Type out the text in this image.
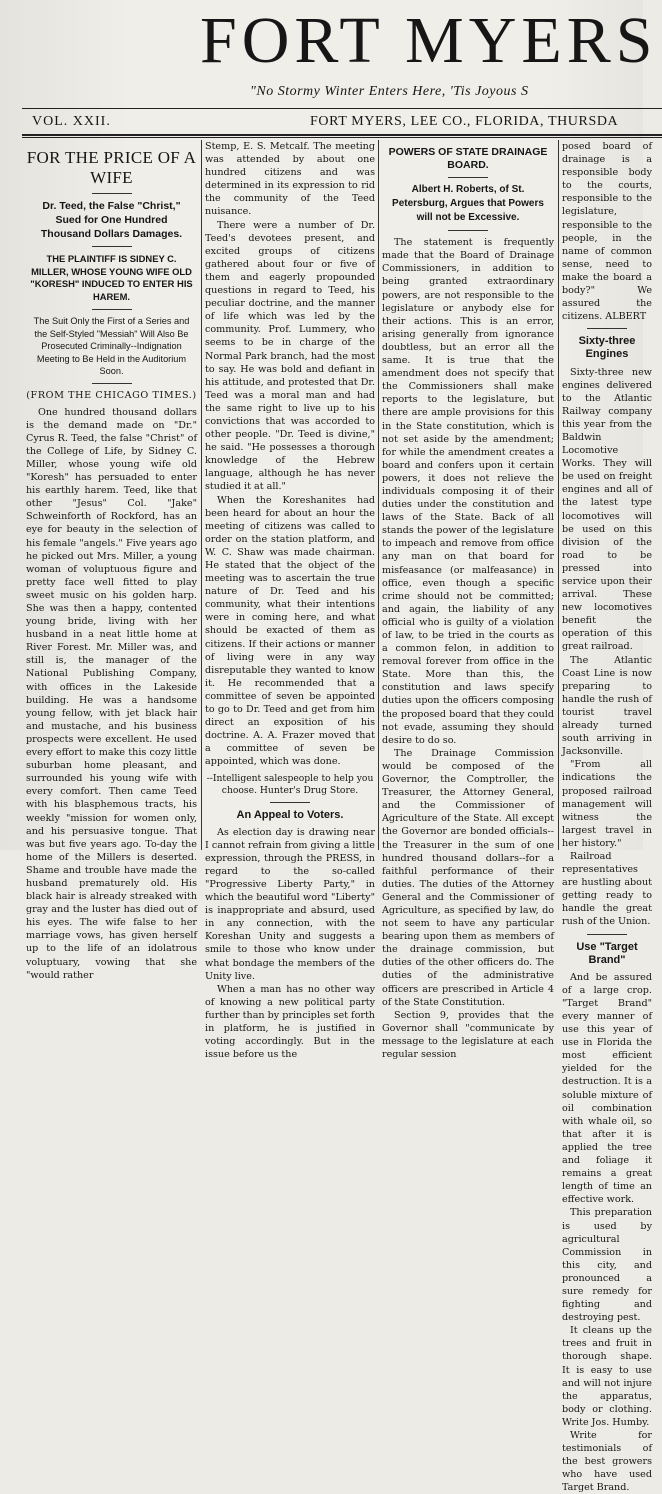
FORT MYERS
"No Stormy Winter Enters Here, 'Tis Joyous S
VOL. XXII.	FORT MYERS, LEE CO., FLORIDA, THURSDA
FOR THE PRICE OF A WIFE
Dr. Teed, the False "Christ," Sued for One Hundred Thousand Dollars Damages.
THE PLAINTIFF IS SIDNEY C. MILLER, WHOSE YOUNG WIFE OLD "KORESH" INDUCED TO ENTER HIS HAREM.
The Suit Only the First of a Series and the Self-Styled "Messiah" Will Also Be Prosecuted Criminally--Indignation Meeting to Be Held in the Auditorium Soon.
(FROM THE CHICAGO TIMES.)

One hundred thousand dollars is the demand made on "Dr." Cyrus R. Teed, the false "Christ" of the College of Life, by Sidney C. Miller, whose young wife old "Koresh" has persuaded to enter his earthly harem. Teed, like that other "Jesus" Col. "Jake" Schweinforth of Rockford, has an eye for beauty in the selection of his female "angels." Five years ago he picked out Mrs. Miller, a young woman of voluptuous figure and pretty face well fitted to play sweet music on his golden harp. She was then a happy, contented young bride, living with her husband in a neat little home at River Forest. Mr. Miller was, and still is, the manager of the National Publishing Company, with offices in the Lakeside building. He was a handsome young fellow, with jet black hair and mustache, and his business prospects were excellent. He used every effort to make this cozy little suburban home pleasant, and surrounded his young wife with every comfort. Then came Teed with his blasphemous tracts, his weekly "mission for women only, and his persuasive tongue. That was but five years ago. To-day the home of the Millers is deserted. Shame and trouble have made the husband prematurely old. His black hair is already streaked with gray and the luster has died out of his eyes. The wife false to her marriage vows, has given herself up to the life of an idolatrous voluptuary, vowing that she "would rather

Stemp, E. S. Metcalf. The meeting was attended by about one hundred citizens and was determined in its expression to rid the community of the Teed nuisance.

There were a number of Dr. Teed's devotees present, and excited groups of citizens gathered about four or five of them and eagerly propounded questions in regard to Teed, his peculiar doctrine, and the manner of life which was led by the community. Prof. Lummery, who seems to be in charge of the Normal Park branch, had the most to say. He was bold and defiant in his attitude, and protested that Dr. Teed was a moral man and had the same right to live up to his convictions that was accorded to other people. "Dr. Teed is divine," he said. "He possesses a thorough knowledge of the Hebrew language, although he has never studied it at all."

When the Koreshanites had been heard for about an hour the meeting of citizens was called to order on the station platform, and W. C. Shaw was made chairman. He stated that the object of the meeting was to ascertain the true nature of Dr. Teed and his community, what their intentions were in coming here, and what should be exacted of them as citizens. If their actions or manner of living were in any way disreputable they wanted to know it. He recommended that a committee of seven be appointed to go to Dr. Teed and get from him direct an exposition of his doctrine. A. A. Frazer moved that a committee of seven be appointed, which was done.

--Intelligent salespeople to help you choose. Hunter's Drug Store.
An Appeal to Voters.

As election day is drawing near I cannot refrain from giving a little expression, through the PRESS, in regard to the so-called "Progressive Liberty Party," in which the beautiful word "Liberty" is inappropriate and absurd, used in any connection, with the Koreshan Unity and suggests a smile to those who know under what bondage the members of the Unity live.

When a man has no other way of knowing a new political party further than by principles set forth in platform, he is justified in voting accordingly. But in the issue before us the

POWERS OF STATE DRAINAGE BOARD.
Albert H. Roberts, of St. Petersburg, Argues that Powers will not be Excessive.

The statement is frequently made that the Board of Drainage Commissioners, in addition to being granted extraordinary powers, are not responsible to the legislature or anybody else for their actions. This is an error, arising generally from ignorance doubtless, but an error all the same. It is true that the amendment does not specify that the Commissioners shall make reports to the legislature, but there are ample provisions for this in the State constitution, which is not set aside by the amendment; for while the amendment creates a board and confers upon it certain powers, it does not relieve the individuals composing it of their duties under the constitution and laws of the State. Back of all stands the power of the legislature to impeach and remove from office any man on that board for misfeasance (or malfeasance) in office, even though a specific crime should not be committed; and again, the liability of any official who is guilty of a violation of law, to be tried in the courts as a common felon, in addition to removal forever from office in the State. More than this, the constitution and laws specify duties upon the officers composing the proposed board that they could not evade, assuming they should desire to do so.

The Drainage Commission would be composed of the Governor, the Comptroller, the Treasurer, the Attorney General, and the Commissioner of Agriculture of the State. All except the Governor are bonded officials--the Treasurer in the sum of one hundred thousand dollars--for a faithful performance of their duties. The duties of the Attorney General and the Commissioner of Agriculture, as specified by law, do not seem to have any particular bearing upon them as members of the drainage commission, but duties of the other officers do. The duties of the administrative officers are prescribed in Article 4 of the State Constitution.

Section 9, provides that the Governor shall "communicate by message to the legislature at each regular session

posed board of drainage is a responsible body to the courts, responsible to the legislature, responsible to the people, in the name of common sense, need to make the board a body?" We assured the citizens. ALBERT

Sixty-three Engines

Sixty-three new engines delivered to the Atlantic Railway company this year from the Baldwin Locomotive Works. They will be used on freight engines and all of the latest type locomotives will be used on this division of the road to be pressed into service upon their arrival. These new locomotives benefit the operation of this great railroad.

The Atlantic Coast Line is now preparing to handle the rush of tourist travel already turned south arriving in Jacksonville.

"From all indications the proposed railroad management will witness the largest travel in her history."

Railroad representatives are hustling about getting ready to handle the great rush of the Union.

Use "Target Brand"

And be assured of a large crop. "Target Brand" every manner of use this year of use in Florida the most efficient yielded for the destruction. It is a soluble mixture of oil combination with whale oil, so that after it is applied the tree and foliage it remains a great length of time an effective work.

This preparation is used by agricultural Commission in this city, and pronounced a sure remedy for fighting and destroying pest.

It cleans up the trees and fruit in thorough shape. It is easy to use and will not injure the apparatus, body or clothing. Write Jos. Humby.

Write for testimonials of the best growers who have used Target Brand.
